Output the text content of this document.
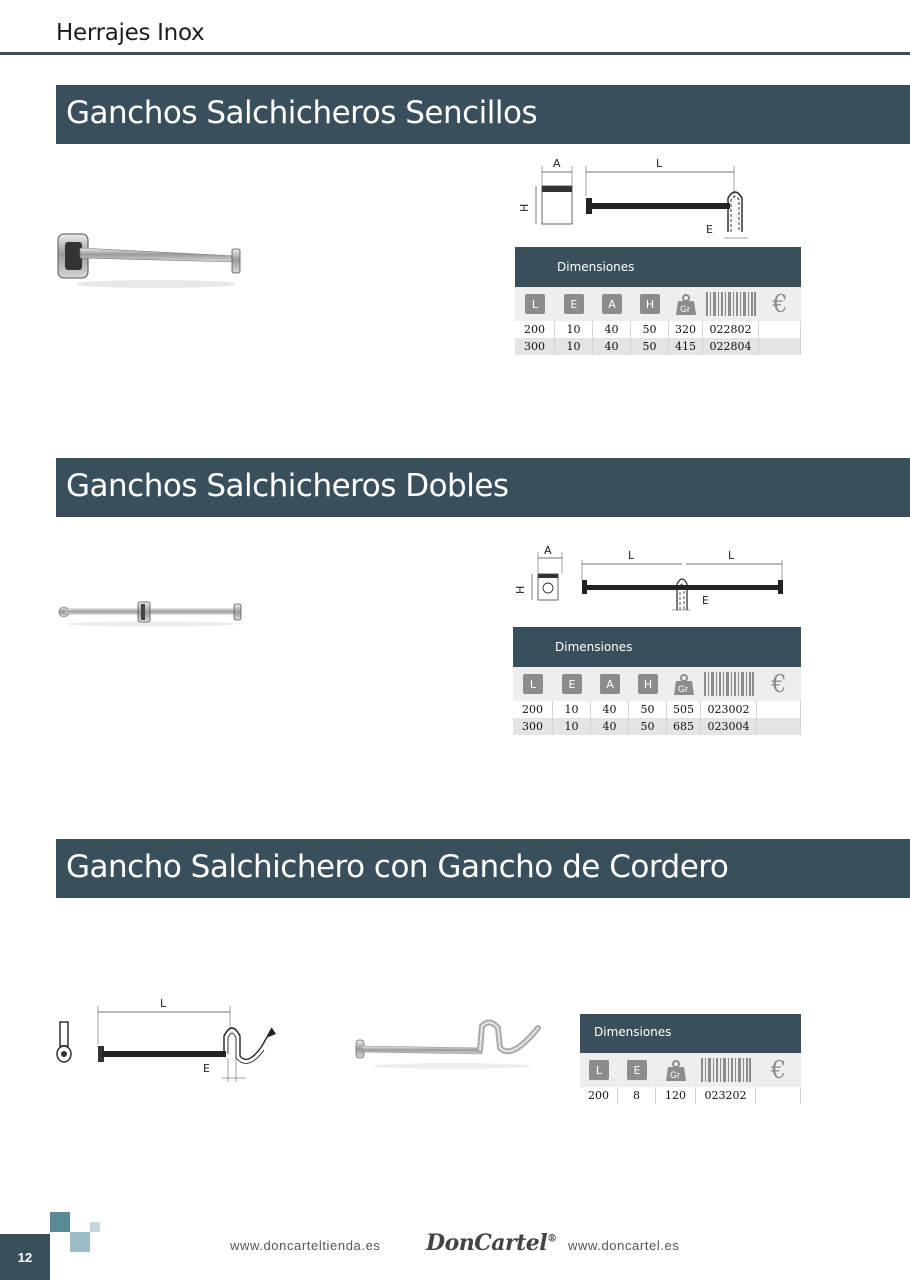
Herrajes Inox
Ganchos Salchicheros Sencillos
A
H
L
E
Dimensiones
L	E	A	H	Gr	€
200	10	40	50	320	022802
300	10	40	50	415	022804
Ganchos Salchicheros Dobles
A
H
L	L
E
Dimensiones
L	E	A	H	Gr	€
200	10	40	50	505	023002
300	10	40	50	685	023004
Gancho Salchichero con Gancho de Cordero
L
E
Dimensiones
L	E	Gr	€
200	8	120	023202
12
www.doncarteltienda.es DonCartel® www.doncartel.es
